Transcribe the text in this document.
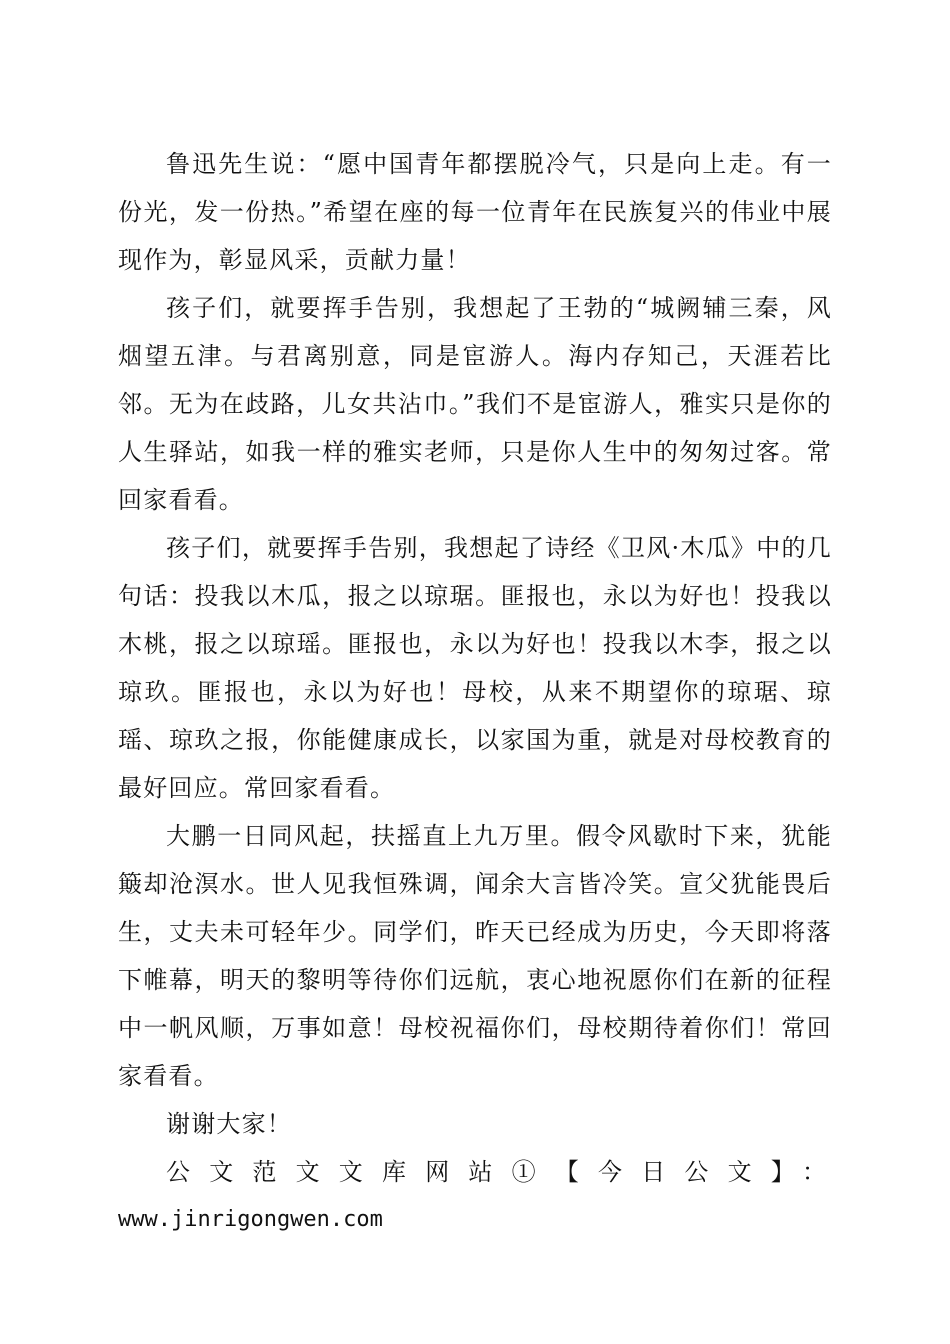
鲁迅先生说：“愿中国青年都摆脱冷气，只是向上走。有一份光，发一份热。”希望在座的每一位青年在民族复兴的伟业中展现作为，彰显风采，贡献力量！

孩子们，就要挥手告别，我想起了王勃的“城阙辅三秦，风烟望五津。与君离别意，同是宦游人。海内存知己，天涯若比邻。无为在歧路，儿女共沾巾。”我们不是宦游人，雅实只是你的人生驿站，如我一样的雅实老师，只是你人生中的匆匆过客。常回家看看。

孩子们，就要挥手告别，我想起了诗经《卫风·木瓜》中的几句话：投我以木瓜，报之以琼琚。匪报也，永以为好也！投我以木桃，报之以琼瑶。匪报也，永以为好也！投我以木李，报之以琼玖。匪报也，永以为好也！母校，从来不期望你的琼琚、琼瑶、琼玖之报，你能健康成长，以家国为重，就是对母校教育的最好回应。常回家看看。

大鹏一日同风起，扶摇直上九万里。假令风歇时下来，犹能簸却沧溟水。世人见我恒殊调，闻余大言皆冷笑。宣父犹能畏后生，丈夫未可轻年少。同学们，昨天已经成为历史，今天即将落下帷幕，明天的黎明等待你们远航，衷心地祝愿你们在新的征程中一帆风顺，万事如意！母校祝福你们，母校期待着你们！常回家看看。

谢谢大家！

公文范文文库网站①【今日公文】：

www.jinrigongwen.com
